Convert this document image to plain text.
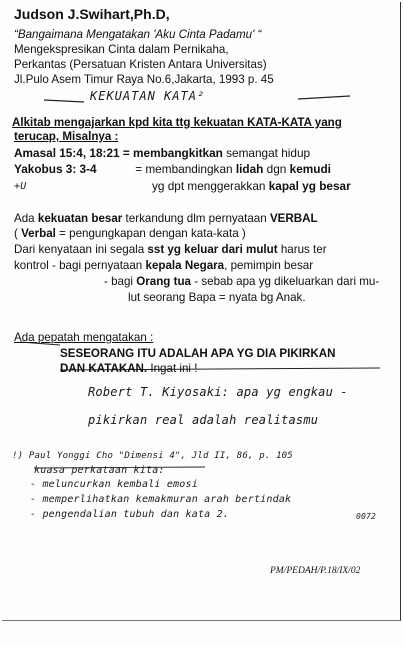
Judson J.Swihart,Ph.D,
“Bangaimana Mengatakan 'Aku Cinta Padamu' “
Mengekspresikan Cinta dalam Pernikaha,
Perkantas (Persatuan Kristen Antara Universitas)
Jl.Pulo Asem Timur Raya No.6,Jakarta, 1993 p. 45
KEKUATAN KATA²
Alkitab mengajarkan kpd kita ttg kekuatan KATA-KATA yang
terucap, Misalnya :
Amasal 15:4, 18:21 = membangkitkan semangat hidup
Yakobus 3: 3-4	= membandingkan lidah dgn kemudi
+U	yg dpt menggerakkan kapal yg besar
Ada kekuatan besar terkandung dlm pernyataan VERBAL
( Verbal = pengungkapan dengan kata-kata )
Dari kenyataan ini segala sst yg keluar dari mulut harus ter
kontrol - bagi pernyataan kepala Negara, pemimpin besar
- bagi Orang tua - sebab apa yg dikeluarkan dari mu-
lut seorang Bapa = nyata bg Anak.
Ada pepatah mengatakan :
SESEORANG ITU ADALAH APA YG DIA PIKIRKAN
DAN KATAKAN. Ingat ini !
Robert T. Kiyosaki: apa yg engkau -
pikirkan real adalah realitasmu
!) Paul Yonggi Cho "Dimensi 4", Jld II, 86, p. 105
kuasa perkataan kita:
- meluncurkan kembali emosi
- memperlihatkan kemakmuran arah bertindak
- pengendalian tubuh dan kata 2.	0072
PM/PEDAH/P.18/IX/02
